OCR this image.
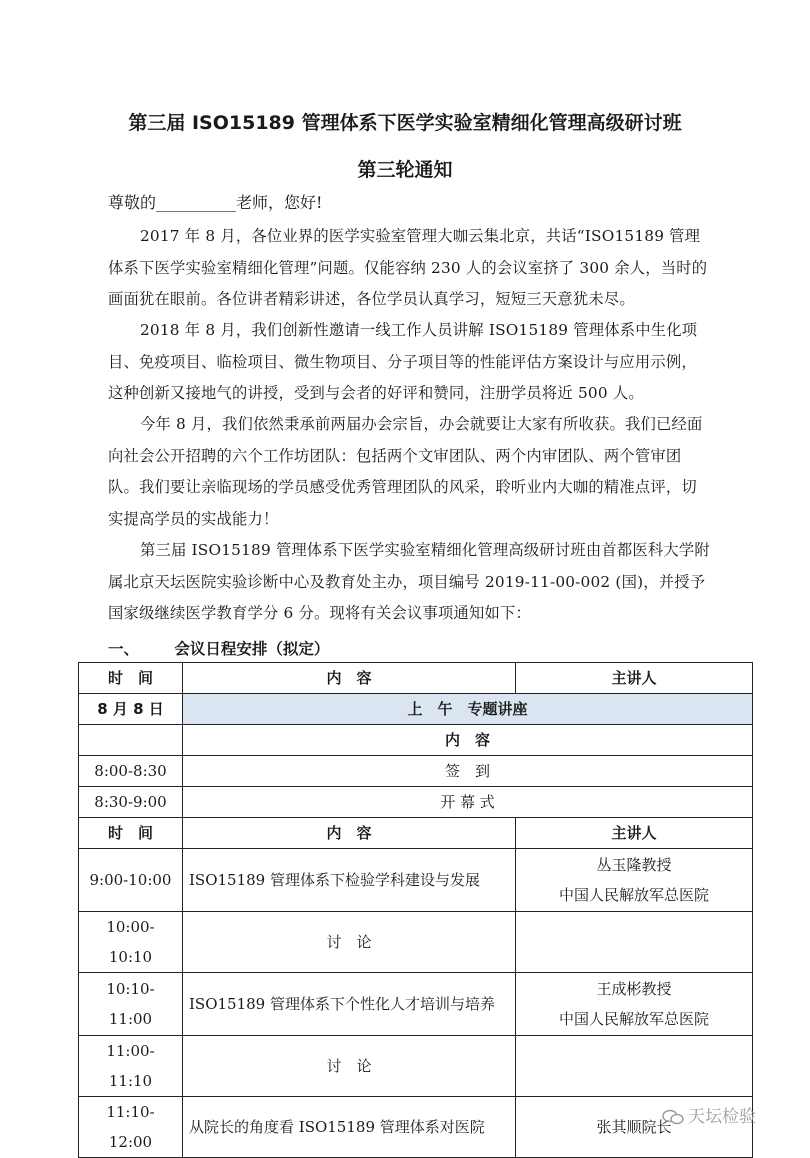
第三届 ISO15189 管理体系下医学实验室精细化管理高级研讨班
第三轮通知
尊敬的__________老师，您好!

2017 年 8 月，各位业界的医学实验室管理大咖云集北京，共话“ISO15189 管理体系下医学实验室精细化管理”问题。仅能容纳 230 人的会议室挤了 300 余人，当时的画面犹在眼前。各位讲者精彩讲述，各位学员认真学习，短短三天意犹未尽。

2018 年 8 月，我们创新性邀请一线工作人员讲解 ISO15189 管理体系中生化项目、免疫项目、临检项目、微生物项目、分子项目等的性能评估方案设计与应用示例，这种创新又接地气的讲授，受到与会者的好评和赞同，注册学员将近 500 人。

今年 8 月，我们依然秉承前两届办会宗旨，办会就要让大家有所收获。我们已经面向社会公开招聘的六个工作坊团队：包括两个文审团队、两个内审团队、两个管审团队。我们要让亲临现场的学员感受优秀管理团队的风采，聆听业内大咖的精准点评，切实提高学员的实战能力！

第三届 ISO15189 管理体系下医学实验室精细化管理高级研讨班由首都医科大学附属北京天坛医院实验诊断中心及教育处主办，项目编号 2019-11-00-002 (国)，并授予国家级继续医学教育学分 6 分。现将有关会议事项通知如下：

一、 会议日程安排（拟定）
时　间	内　容	主讲人
8 月 8 日	上　午　专题讲座	
	内　容	
8:00-8:30	签　到	
8:30-9:00	开 幕 式	
时　间	内　容	主讲人
9:00-10:00	ISO15189 管理体系下检验学科建设与发展	丛玉隆教授
中国人民解放军总医院

10:00-10:10	讨　论	
10:10-11:00	ISO15189 管理体系下个性化人才培训与培养	王成彬教授
中国人民解放军总医院

11:00-11:10	讨　论	
11:10-12:00	从院长的角度看 ISO15189 管理体系对医院	张其顺院长 天坛检验
